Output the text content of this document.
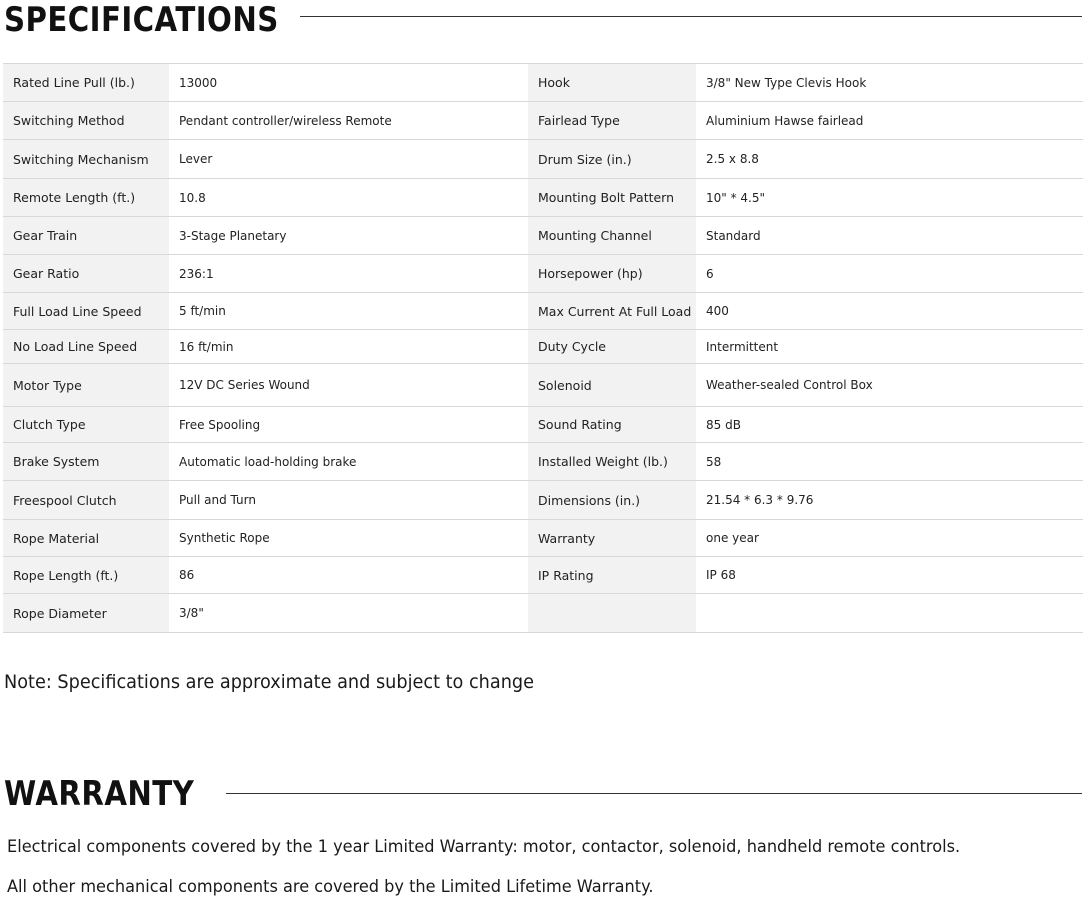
SPECIFICATIONS
Rated Line Pull (lb.)	13000	Hook	3/8" New Type Clevis Hook
Switching Method	Pendant controller/wireless Remote	Fairlead Type	Aluminium Hawse fairlead
Switching Mechanism	Lever	Drum Size (in.)	2.5 x 8.8
Remote Length (ft.)	10.8	Mounting Bolt Pattern	10" * 4.5"
Gear Train	3-Stage Planetary	Mounting Channel	Standard
Gear Ratio	236:1	Horsepower (hp)	6
Full Load Line Speed	5 ft/min	Max Current At Full Load	400
No Load Line Speed	16 ft/min	Duty Cycle	Intermittent
Motor Type	12V DC Series Wound	Solenoid	Weather-sealed Control Box
Clutch Type	Free Spooling	Sound Rating	85 dB
Brake System	Automatic load-holding brake	Installed Weight (lb.)	58
Freespool Clutch	Pull and Turn	Dimensions (in.)	21.54 * 6.3 * 9.76
Rope Material	Synthetic Rope	Warranty	one year
Rope Length (ft.)	86	IP Rating	IP 68
Rope Diameter	3/8"		
Note: Specifications are approximate and subject to change
WARRANTY
Electrical components covered by the 1 year Limited Warranty: motor, contactor, solenoid, handheld remote controls.
All other mechanical components are covered by the Limited Lifetime Warranty.
